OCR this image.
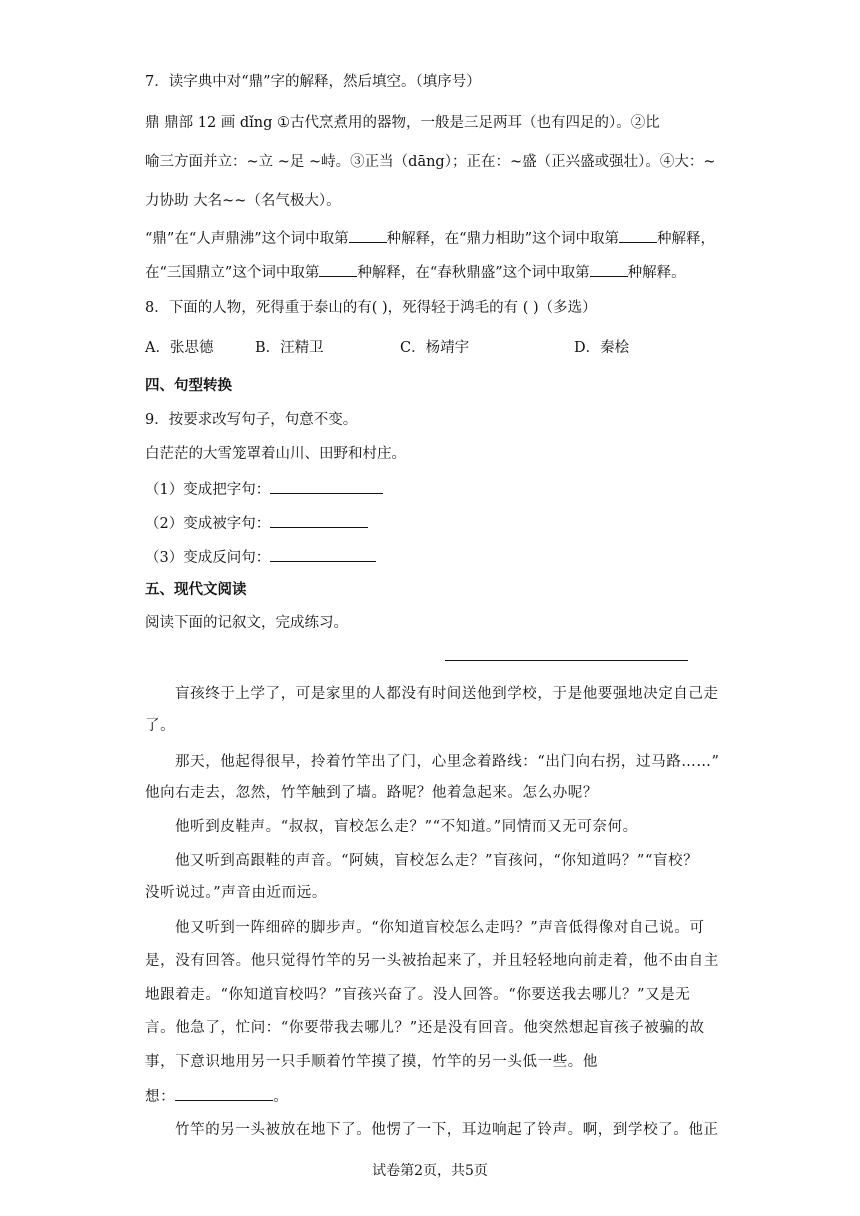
7．读字典中对“鼎”字的解释，然后填空。（填序号）
鼎 鼎部 12 画 dǐng ①古代烹煮用的器物，一般是三足两耳（也有四足的）。②比
喻三方面并立：~立 ~足 ~峙。③正当（dāng）；正在：~盛（正兴盛或强壮）。④大：~
力协助 大名~~（名气极大）。
“鼎”在“人声鼎沸”这个词中取第	种解释，在“鼎力相助”这个词中取第	种解释，
在“三国鼎立”这个词中取第	种解释，在“春秋鼎盛”这个词中取第	种解释。
8．下面的人物，死得重于泰山的有( )，死得轻于鸿毛的有 ( )（多选）
A．张思德	B．汪精卫	C．杨靖宇	D．秦桧
四、句型转换
9．按要求改写句子，句意不变。
白茫茫的大雪笼罩着山川、田野和村庄。
（1）变成把字句：
（2）变成被字句：
（3）变成反问句：
五、现代文阅读
阅读下面的记叙文，完成练习。
盲孩终于上学了，可是家里的人都没有时间送他到学校，于是他要强地决定自己走
了。
那天，他起得很早，拎着竹竿出了门，心里念着路线：“出门向右拐，过马路……”
他向右走去，忽然，竹竿触到了墙。路呢？他着急起来。怎么办呢？
他听到皮鞋声。“叔叔，盲校怎么走？”“不知道。”同情而又无可奈何。
他又听到高跟鞋的声音。“阿姨，盲校怎么走？”盲孩问，“你知道吗？”“盲校？
没听说过。”声音由近而远。
他又听到一阵细碎的脚步声。“你知道盲校怎么走吗？”声音低得像对自己说。可
是，没有回答。他只觉得竹竿的另一头被抬起来了，并且轻轻地向前走着，他不由自主
地跟着走。“你知道盲校吗？”盲孩兴奋了。没人回答。“你要送我去哪儿？”又是无
言。他急了，忙问：“你要带我去哪儿？”还是没有回音。他突然想起盲孩子被骗的故
事，下意识地用另一只手顺着竹竿摸了摸，竹竿的另一头低一些。他
想：	。
竹竿的另一头被放在地下了。他愣了一下，耳边响起了铃声。啊，到学校了。他正
试卷第2页，共5页
